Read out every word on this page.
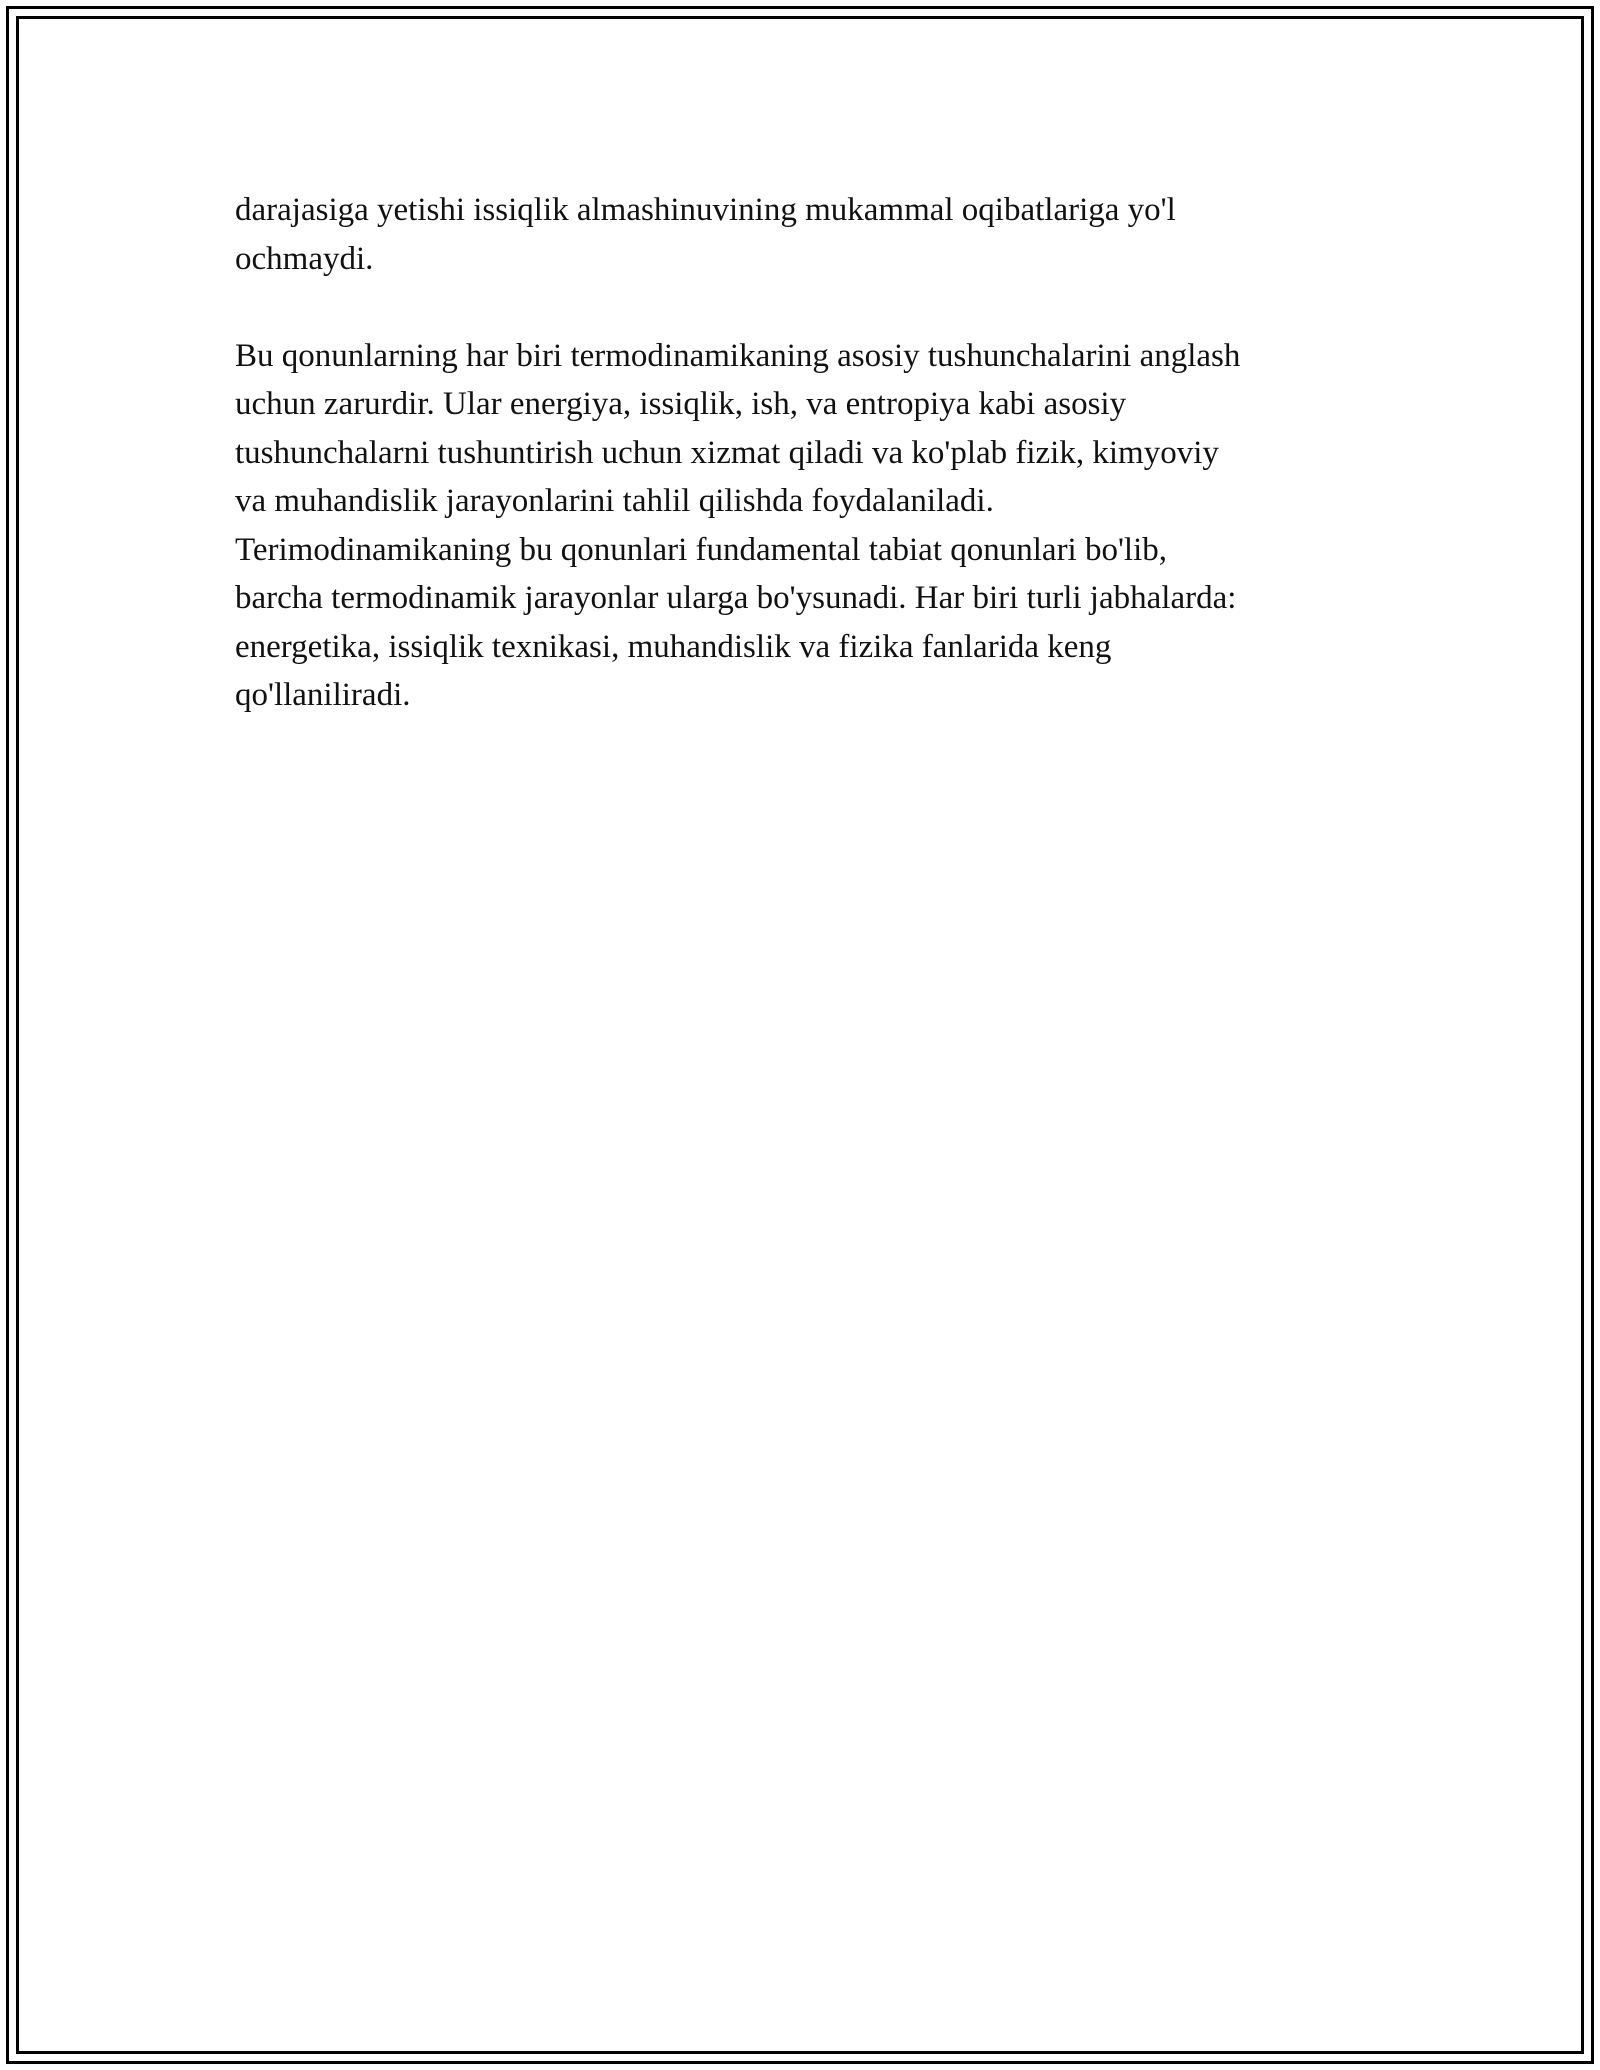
darajasiga yetishi issiqlik almashinuvining mukammal oqibatlariga yo'l
ochmaydi.

Bu qonunlarning har biri termodinamikaning asosiy tushunchalarini anglash
uchun zarurdir. Ular energiya, issiqlik, ish, va entropiya kabi asosiy
tushunchalarni tushuntirish uchun xizmat qiladi va ko'plab fizik, kimyoviy
va muhandislik jarayonlarini tahlil qilishda foydalaniladi.
Terimodinamikaning bu qonunlari fundamental tabiat qonunlari bo'lib,
barcha termodinamik jarayonlar ularga bo'ysunadi. Har biri turli jabhalarda:
energetika, issiqlik texnikasi, muhandislik va fizika fanlarida keng
qo'llaniliradi.
